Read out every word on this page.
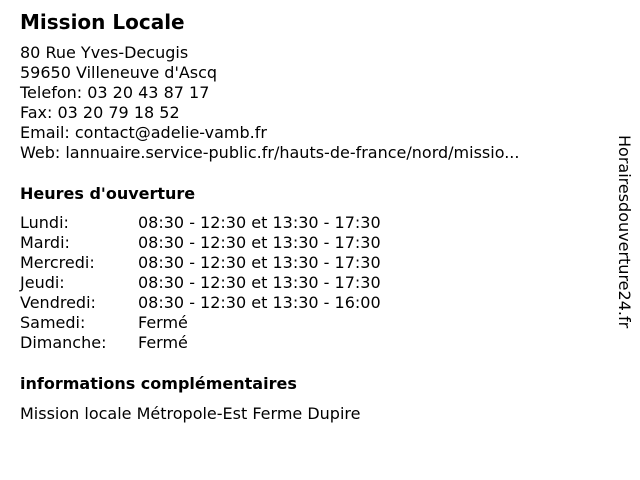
Mission Locale
80 Rue Yves-Decugis
59650 Villeneuve d'Ascq
Telefon: 03 20 43 87 17
Fax: 03 20 79 18 52
Email: contact@adelie-vamb.fr
Web: lannuaire.service-public.fr/hauts-de-france/nord/missio...
Heures d'ouverture
Lundi:	08:30 - 12:30 et 13:30 - 17:30
Mardi:	08:30 - 12:30 et 13:30 - 17:30
Mercredi:	08:30 - 12:30 et 13:30 - 17:30
Jeudi:	08:30 - 12:30 et 13:30 - 17:30
Vendredi:	08:30 - 12:30 et 13:30 - 16:00
Samedi:	Fermé
Dimanche:	Fermé
informations complémentaires

Mission locale Métropole-Est Ferme Dupire

Horairesdouverture24.fr
